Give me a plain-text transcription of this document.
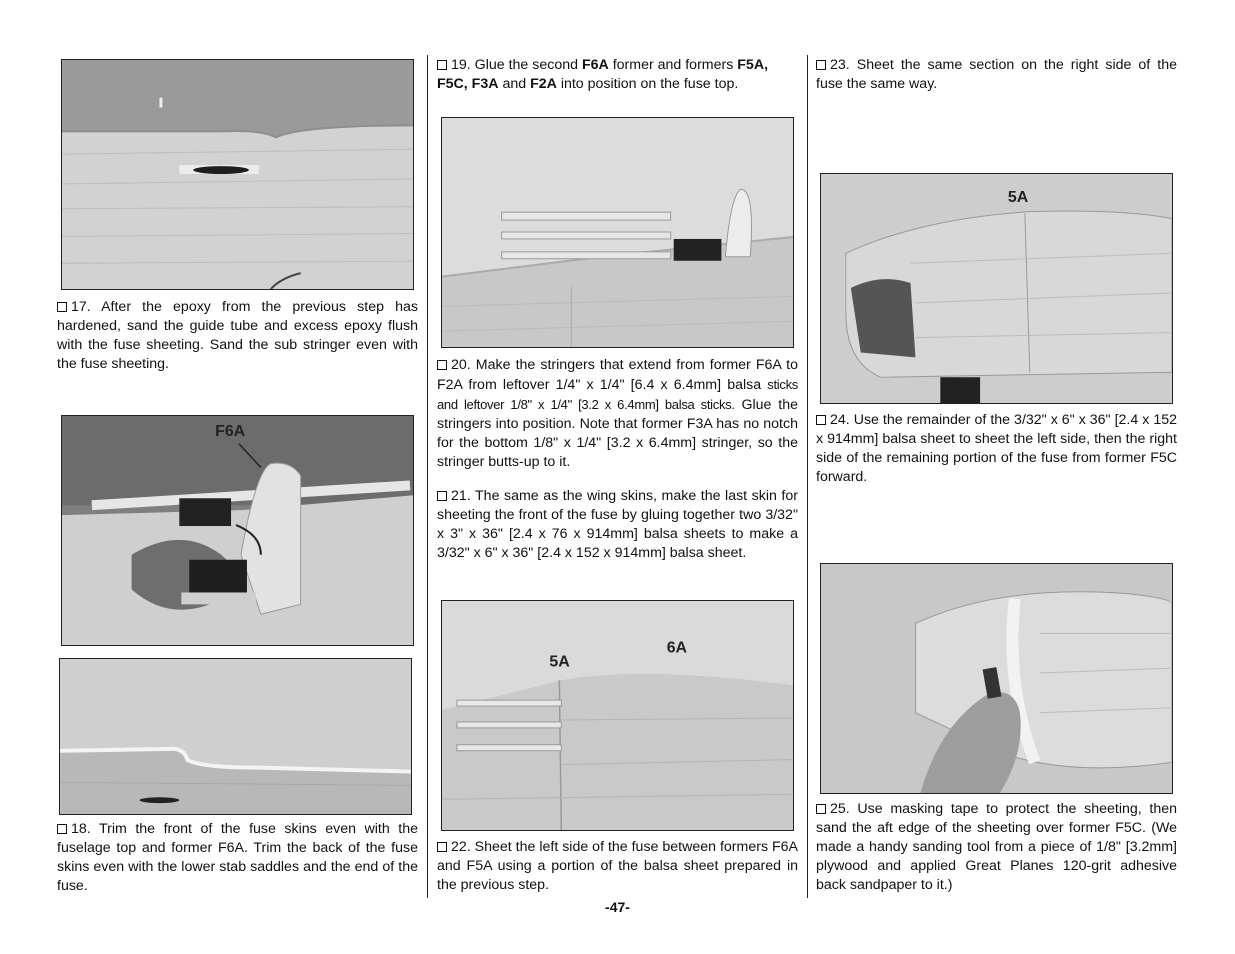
17. After the epoxy from the previous step has hardened, sand the guide tube and excess epoxy flush with the fuse sheeting. Sand the sub stringer even with the fuse sheeting.

F6A

18. Trim the front of the fuse skins even with the fuselage top and former F6A. Trim the back of the fuse skins even with the lower stab saddles and the end of the fuse.

19. Glue the second F6A former and formers F5A, F5C, F3A and F2A into position on the fuse top.

20. Make the stringers that extend from former F6A to F2A from leftover 1/4" x 1/4" [6.4 x 6.4mm] balsa sticks and leftover 1/8" x 1/4" [3.2 x 6.4mm] balsa sticks. Glue the stringers into position. Note that former F3A has no notch for the bottom 1/8" x 1/4" [3.2 x 6.4mm] stringer, so the stringer butts-up to it.

21. The same as the wing skins, make the last skin for sheeting the front of the fuse by gluing together two 3/32" x 3" x 36" [2.4 x 76 x 914mm] balsa sheets to make a 3/32" x 6" x 36" [2.4 x 152 x 914mm] balsa sheet.

5A
6A

22. Sheet the left side of the fuse between formers F6A and F5A using a portion of the balsa sheet prepared in the previous step.

23. Sheet the same section on the right side of the fuse the same way.

5A

24. Use the remainder of the 3/32" x 6" x 36" [2.4 x 152 x 914mm] balsa sheet to sheet the left side, then the right side of the remaining portion of the fuse from former F5C forward.

25. Use masking tape to protect the sheeting, then sand the aft edge of the sheeting over former F5C. (We made a handy sanding tool from a piece of 1/8" [3.2mm] plywood and applied Great Planes 120-grit adhesive back sandpaper to it.)

-47-
